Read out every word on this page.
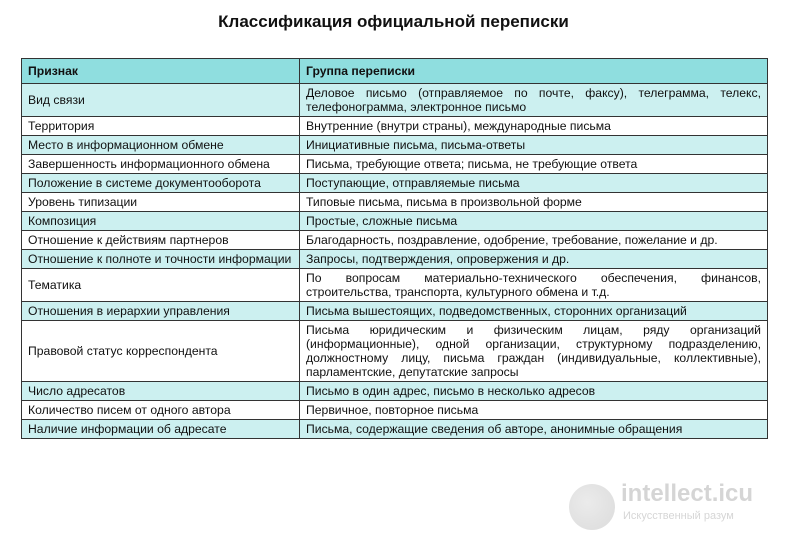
Классификация официальной переписки
Признак	Группа переписки
Вид связи	Деловое письмо (отправляемое по почте, факсу), телеграмма, телекс, телефонограмма, электронное письмо
Территория	Внутренние (внутри страны), международные письма
Место в информационном обмене	Инициативные письма, письма-ответы
Завершенность информационного обмена	Письма, требующие ответа; письма, не требующие ответа
Положение в системе документооборота	Поступающие, отправляемые письма
Уровень типизации	Типовые письма, письма в произвольной форме
Композиция	Простые, сложные письма
Отношение к действиям партнеров	Благодарность, поздравление, одобрение, требование, пожелание и др.
Отношение к полноте и точности информации	Запросы, подтверждения, опровержения и др.
Тематика	По вопросам материально-технического обеспечения, финансов, строительства, транспорта, культурного обмена и т.д.
Отношения в иерархии управления	Письма вышестоящих, подведомственных, сторонних организаций
Правовой статус корреспондента	Письма юридическим и физическим лицам, ряду организаций (информационные), одной организации, структурному подразделению, должностному лицу, письма граждан (индивидуальные, коллективные), парламентские, депутатские запросы
Число адресатов	Письмо в один адрес, письмо в несколько адресов
Количество писем от одного автора	Первичное, повторное письма
Наличие информации об адресате	Письма, содержащие сведения об авторе, анонимные обращения
intellect.icu
Искусственный разум
